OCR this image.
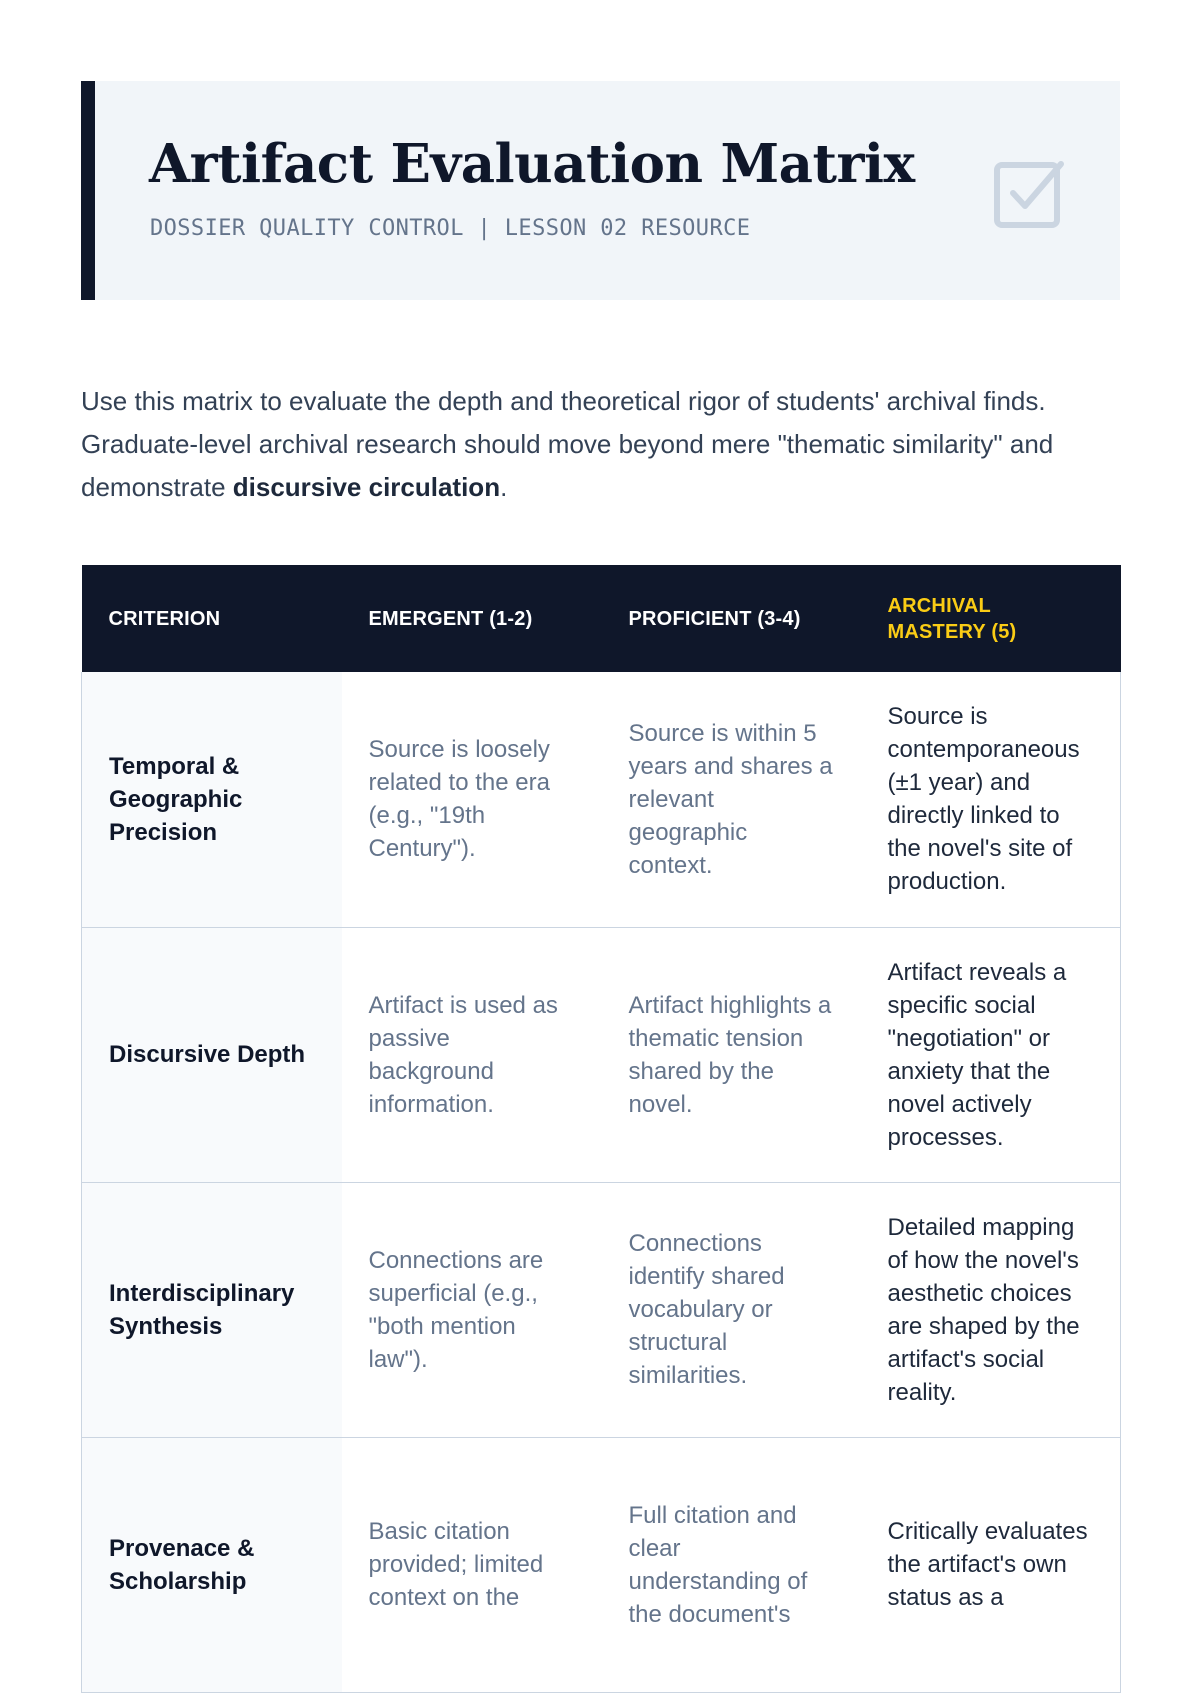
Artifact Evaluation Matrix
DOSSIER QUALITY CONTROL | LESSON 02 RESOURCE

Use this matrix to evaluate the depth and theoretical rigor of students' archival finds. Graduate-level archival research should move beyond mere "thematic similarity" and demonstrate discursive circulation.

CRITERION	EMERGENT (1-2)	PROFICIENT (3-4)	ARCHIVAL MASTERY (5)
Temporal & Geographic Precision	Source is loosely related to the era (e.g., "19th Century").	Source is within 5 years and shares a relevant geographic context.	Source is contemporaneous (±1 year) and directly linked to the novel's site of production.
Discursive Depth	Artifact is used as passive background information.	Artifact highlights a thematic tension shared by the novel.	Artifact reveals a specific social "negotiation" or anxiety that the novel actively processes.
Interdisciplinary Synthesis	Connections are superficial (e.g., "both mention law").	Connections identify shared vocabulary or structural similarities.	Detailed mapping of how the novel's aesthetic choices are shaped by the artifact's social reality.
Provenace & Scholarship	Basic citation provided; limited context on the	Full citation and clear understanding of the document's	Critically evaluates the artifact's own status as a
